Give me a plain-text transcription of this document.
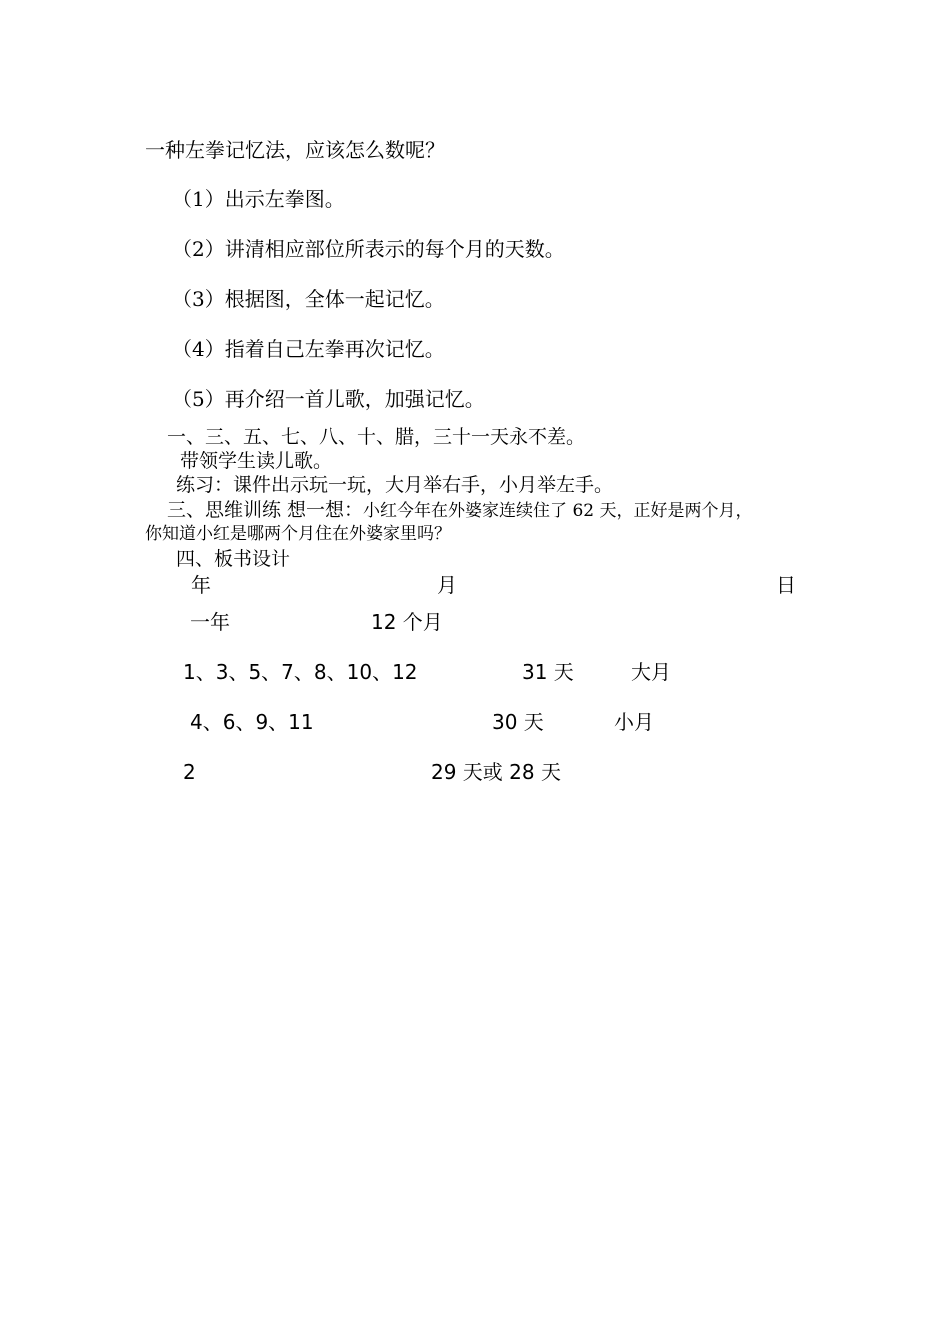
一种左拳记忆法，应该怎么数呢？
（1）出示左拳图。
（2）讲清相应部位所表示的每个月的天数。
（3）根据图，全体一起记忆。
（4）指着自己左拳再次记忆。
（5）再介绍一首儿歌，加强记忆。
一、三、五、七、八、十、腊，三十一天永不差。
带领学生读儿歌。
练习：课件出示玩一玩，大月举右手，小月举左手。
三、思维训练 想一想：小红今年在外婆家连续住了 62 天，正好是两个月，
你知道小红是哪两个月住在外婆家里吗？
四、板书设计
年	月	日
一年	12 个月
1、3、5、7、8、10、12	31 天	大月
4、6、9、11	30 天	小月
2	29 天或 28 天
